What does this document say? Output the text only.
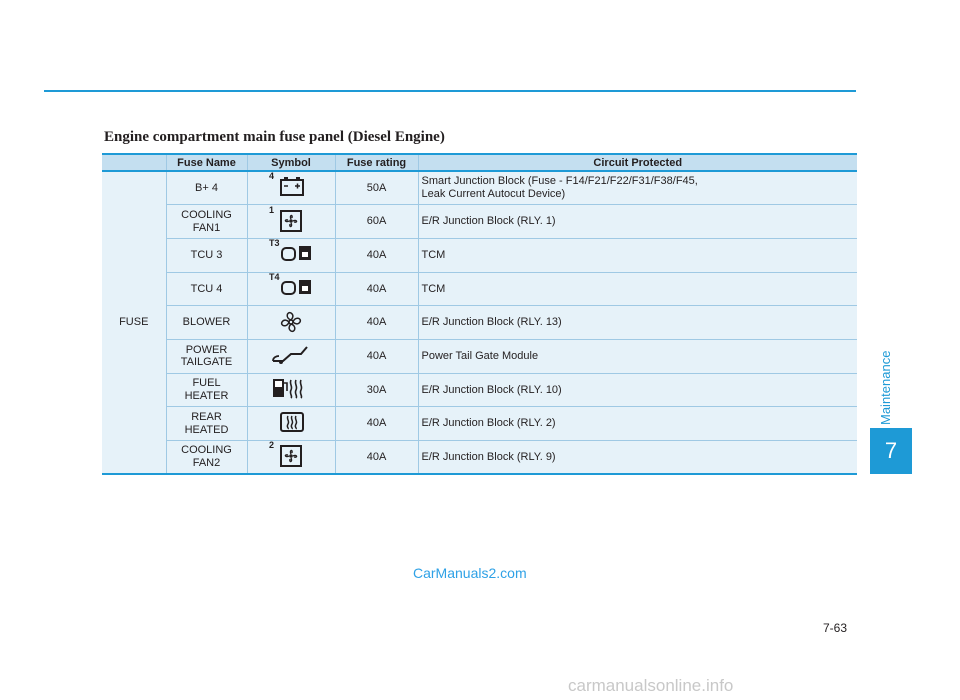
Engine compartment main fuse panel (Diesel Engine)
	Fuse Name	Symbol	Fuse rating	Circuit Protected
FUSE	B+ 4	4	50A	Smart Junction Block (Fuse - F14/F21/F22/F31/F38/F45,
Leak Current Autocut Device)
	COOLING
FAN1	1	60A	E/R Junction Block (RLY. 1)
	TCU 3	T3	40A	TCM
	TCU 4	T4	40A	TCM
	BLOWER		40A	E/R Junction Block (RLY. 13)
	POWER
TAILGATE		40A	Power Tail Gate Module
	FUEL
HEATER		30A	E/R Junction Block (RLY. 10)
	REAR
HEATED		40A	E/R Junction Block (RLY. 2)
	COOLING
FAN2	2	40A	E/R Junction Block (RLY. 9)
Maintenance
7
CarManuals2.com
7-63
carmanualsonline.info
